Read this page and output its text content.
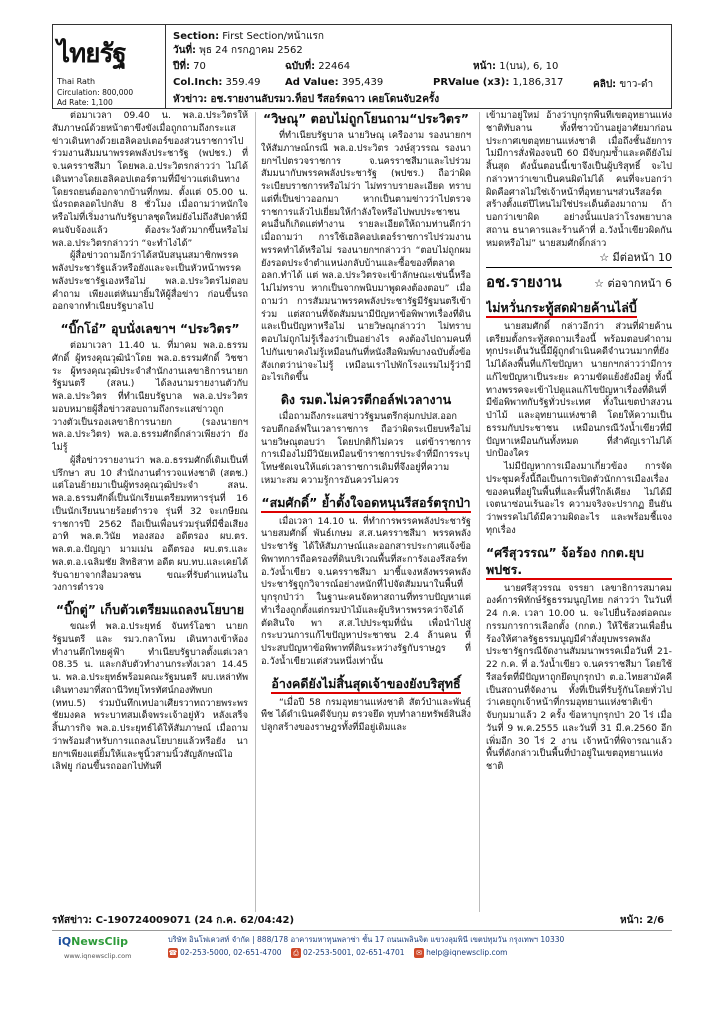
ไทยรัฐ
Thai Rath
Circulation: 800,000
Ad Rate: 1,100
Section: First Section/หน้าแรก
วันที่: พุธ 24 กรกฎาคม 2562
ปีที่: 70	ฉบับที่: 22464	หน้า: 1(บน), 6, 10
Col.Inch: 359.49 Ad Value: 395,439	PRValue (x3): 1,186,317	คลิป: ขาว-ดำ
หัวข่าว: อช.รายงานลับรมว.ท็อป รีสอร์ตฉาว เคยโดนจับ2ครั้ง

ต่อมาเวลา 09.40 น. พล.อ.ประวิตรให้สัมภาษณ์ด้วยหน้าตาขึงขังเมื่อถูกถามถึงกระแสข่าวเดินทางด้วยเฮลิคอปเตอร์ของส่วนราชการไปร่วมงานสัมมนาพรรคพลังประชารัฐ (พปชร.) ที่ จ.นครราชสีมา โดยพล.อ.ประวิตรกล่าวว่า ไม่ได้เดินทางโดยเฮลิคอปเตอร์ตามที่มีข่าวแต่เดินทางโดยรถยนต์ออกจากบ้านที่กทม. ตั้งแต่ 05.00 น. นั่งรถตลอดไปกลับ 8 ชั่วโมง เมื่อถามว่าหนักใจหรือไม่ที่เริ่มงานกับรัฐบาลชุดใหม่ยังไม่ถึงสัปดาห์มีคนจับจ้องแล้ว ต้องระวังตัวมากขึ้นหรือไม่ พล.อ.ประวิตรกล่าวว่า “จะทำไงได้”

ผู้สื่อข่าวถามอีกว่าได้สนับสนุนสมาชิกพรรคพลังประชารัฐแล้วหรือยังและจะเป็นหัวหน้าพรรคพลังประชารัฐเองหรือไม่ พล.อ.ประวิตรไม่ตอบคำถาม เพียงแต่หันมายิ้มให้ผู้สื่อข่าว ก่อนขึ้นรถออกจากทำเนียบรัฐบาลไป

“บิ๊กโอ๋” อุบนั่งเลขาฯ “ประวิตร”

ต่อมาเวลา 11.40 น. ที่มาคม พล.อ.ธรรมศักดิ์ ผู้ทรงคุณวุฒินำโดย พล.อ.ธรรมศักดิ์ วิชชาระ ผู้ทรงคุณวุฒิประจำสำนักงานเลขาธิการนายกรัฐมนตรี (สลน.) ได้ลงนามรายงานตัวกับพล.อ.ประวิตร ที่ทำเนียบรัฐบาล พล.อ.ประวิตรมอบหมายผู้สื่อข่าวสอบถามถึงกระแสข่าวถูกวางตัวเป็นรองเลขาธิการนายก (รองนายกฯ พล.อ.ประวิตร) พล.อ.ธรรมศักดิ์กล่าวเพียงว่า ยังไม่รู้

ผู้สื่อข่าวรายงานว่า พล.อ.ธรรมศักดิ์เดิมเป็นที่ปรึกษา สบ 10 สำนักงานตำรวจแห่งชาติ (สตช.) แต่โอนย้ายมาเป็นผู้ทรงคุณวุฒิประจำ สลน. พล.อ.ธรรมศักดิ์เป็นนักเรียนเตรียมทหารรุ่นที่ 16 เป็นนักเรียนนายร้อยตำรวจ รุ่นที่ 32 จะเกษียณราชการปี 2562 ถือเป็นเพื่อนร่วมรุ่นที่มีชื่อเสียงอาทิ พล.ต.วินัย ทองสอง อดีตรอง ผบ.ตร. พล.ต.อ.ปัญญา มามเม่น อดีตรอง ผบ.ตร.และ พล.ต.อ.เฉลิมชัย สิทธิสาท อดีต ผบ.ทบ.และเคยได้รับฉายาจากสื่อมวลชน ขณะที่รับตำแหน่งในวงการตำรวจ

“บิ๊กตู่” เก็บตัวเตรียมแถลงนโยบาย

ขณะที่ พล.อ.ประยุทธ์ จันทร์โอชา นายกรัฐมนตรี และ รมว.กลาโหม เดินทางเข้าห้องทำงานตึกไทยคู่ฟ้า ทำเนียบรัฐบาลตั้งแต่เวลา 08.35 น. และกลับตัวทำงานกระทั่งเวลา 14.45 น. พล.อ.ประยุทธ์พร้อมคณะรัฐมนตรี ผบ.เหล่าทัพเดินทางมาที่สถานีวิทยุโทรทัศน์กองทัพบก (ททบ.5) ร่วมบันทึกเทปอาเศียรวาทถวายพระพรชัยมงคล พระบาทสมเด็จพระเจ้าอยู่หัว หลังเสร็จสิ้นภารกิจ พล.อ.ประยุทธ์ได้ให้สัมภาษณ์ เมื่อถามว่าพร้อมสำหรับการแถลงนโยบายแล้วหรือยัง นายกฯเพียงแต่ยิ้มให้และชูนิ้วสามนิ้วสัญลักษณ์ไอเลิฟยู ก่อนขึ้นรถออกไปทันที

“วิษณุ” ตอบไม่ถูกโยนถาม“ประวิตร”

ที่ทำเนียบรัฐบาล นายวิษณุ เครืองาม รองนายกฯ ให้สัมภาษณ์กรณี พล.อ.ประวิตร วงษ์สุวรรณ รองนายกฯไปตรวจราชการ จ.นครราชสีมาและไปร่วมสัมมนากับพรรคพลังประชารัฐ (พปชร.) ถือว่าผิดระเบียบราชการหรือไม่ว่า ไม่ทราบรายละเอียด ทราบแต่ที่เป็นข่าวออกมา หากเป็นตามข่าวว่าไปตรวจราชการแล้วไปเยี่ยมให้กำลังใจหรือไปพบประชาชนคนอื่นก็เกิดแต่ทำงาน รายละเอียดให้ถามท่านดีกว่า เมื่อถามว่า การใช้เฮลิคอปเตอร์ราชการไปร่วมงานพรรคทำได้หรือไม่ รองนายกฯกล่าวว่า “ตอบไม่ถูกผมยังรอดประจำตำแหน่งกลับบ้านและซื้อของที่ตลาด อลก.ทำได้ แต่ พล.อ.ประวิตรจะเข้าลักษณะเช่นนี้หรือไม่ไม่ทราบ หากเป็นจากพนิบมาพูดคงต้องตอบ” เมื่อถามว่า การสัมมนาพรรคพลังประชารัฐมีรัฐมนตรีเข้าร่วม แต่สถานที่จัดสัมมนามีปัญหาข้อพิพาทเรื่องที่ดินและเป็นปัญหาหรือไม่ นายวิษณุกล่าวว่า ไม่ทราบ ตอบไม่ถูกไม่รู้เรื่องว่าเป็นอย่างไร คงต้องไปถามคนที่ไปกันเขาคงไม่รู้เหมือนกันที่หนังสือพิมพ์บางฉบับตั้งข้อสังเกตว่าน่าจะไม่รู้ เหมือนเราไปพักโรงแรมไม่รู้ว่ามีอะไรเกิดขึ้น

ดิง รมต.ไม่ควรตีกอล์ฟเวลางาน

เมื่อถามถึงกระแสข่าวรัฐมนตรีกลุ่มกปปส.ออกรอบตีกอล์ฟในเวลาราชการ ถือว่าผิดระเบียบหรือไม่ นายวิษณุตอบว่า โดยปกติก็ไม่ควร แต่ข้าราชการการเมืองไม่มีวินัยเหมือนข้าราชการประจำที่มีการระบุโทษชัดเจนให้แต่เวลาราชการเดิมที่จึงอยู่ที่ความเหมาะสม ความรู้การอันควรไม่ควร

“สมศักดิ์” ย้ำตั้งใจอดหนุนรีสอร์ตรุกป่า

เมื่อเวลา 14.10 น. ที่ทำการพรรคพลังประชารัฐ นายสมศักดิ์ พันธ์เกษม ส.ส.นครราชสีมา พรรคพลังประชารัฐ ได้ให้สัมภาษณ์และออกสารประกาศแจ้งข้อพิพาทการถือครองที่ดินบริเวณพื้นที่สะการังเองรีสอร์ท อ.วังน้ำเขียว จ.นครราชสีมา มาชี้แจงหลังพรรคพลังประชารัฐถูกวิจารณ์อย่างหนักที่ไปจัดสัมมนาในพื้นที่บุกรุกป่าว่า ในฐานะคนจัดหาสถานที่ทราบปัญหาแต่ทำเรื่องถูกตั้งแต่กรมป่าไม้และผู้บริหารพรรคว่าจึงได้ตัดสินใจ พา ส.ส.ไปประชุมที่นั่น เพื่อนำไปสู่กระบวนการแก้ไขปัญหาประชาชน 2.4 ล้านคน ที่ประสบปัญหาข้อพิพาทที่ดินระหว่างรัฐกับราษฎร ที่ อ.วังน้ำเขียวแต่ส่วนหนึ่งเท่านั้น

อ้างคดียังไม่สิ้นสุดเจ้าของยังบริสุทธิ์

“เมื่อปี 58 กรมอุทยานแห่งชาติ สัตว์ป่าและพันธุ์พืช ได้ดำเนินคดีจับกุม ตรวจยึด ทุบทำลายทรัพย์สินสิ่งปลูกสร้างของราษฎรทั้งที่มีอยู่เดิมและ

เข้ามาอยู่ใหม่ อ้างว่าบุกรุกพื้นที่เขตอุทยานแห่งชาติทับลาน ทั้งที่ชาวบ้านอยู่อาศัยมาก่อนประกาศเขตอุทยานแห่งชาติ เมื่อถึงชั้นอัยการไม่มีการสั่งฟ้องจนปี 60 มีจับกุมซ้ำและคดียังไม่สิ้นสุด ดังนั้นตอนนี้เขาจึงเป็นผู้บริสุทธิ์ จะไปกล่าวหาว่าเขาเป็นคนผิดไม่ได้ คนที่จะบอกว่าผิดคือศาลไม่ใช่เจ้าหน้าที่อุทยานฯส่วนรีสอร์ตสร้างตั้งแต่ปีไหนไม่ใช่ประเด็นต้องมาถาม ถ้าบอกว่าเขาผิด อย่างนั้นแปลว่าโรงพยาบาลสถาน ธนาคารและร้านค้าที่ อ.วังน้ำเขียวผิดกันหมดหรือไม่” นายสมศักดิ์กล่าว

☆ มีต่อหน้า 10
อช.รายงาน	☆ ต่อจากหน้า 6
ไม่หวั่นกระทู้สดฝ่ายค้านไล่บี้

นายสมศักดิ์ กล่าวอีกว่า ส่วนที่ฝ่ายค้านเตรียมตั้งกระทู้สดถามเรื่องนี้ พร้อมตอบคำถามทุกประเด็นวันนี้มีผู้ถูกดำเนินคดีจำนวนมากที่ยังไม่ได้ลงพื้นที่แก้ไขปัญหา นายกฯกล่าวว่ามีการแก้ไขปัญหาเป็นระยะ ความขัดแย้งยังมีอยู่ ทั้งนี้ทางพรรคจะเข้าไปดูแลแก้ไขปัญหาเรื่องที่ดินที่มีข้อพิพาทกับรัฐทั่วประเทศ ทั้งในเขตป่าสงวน ป่าไม้ และอุทยานแห่งชาติ โดยให้ความเป็นธรรมกับประชาชน เหมือนกรณีวังน้ำเขียวที่มีปัญหาเหมือนกันทั้งหมด ที่สำคัญเราไม่ได้ปกป้องใคร

ไม่มีปัญหาการเมืองมาเกี่ยวข้อง การจัดประชุมครั้งนี้ถือเป็นการเปิดตัวนักการเมืองเรื่องของคนที่อยู่ในพื้นที่และพื้นที่ใกล้เคียง ไม่ได้มีเจตนาซ่อนเร้นอะไร ความจริงจะปรากฏ ยืนยันว่าพรรคไม่ได้มีความผิดอะไร และพร้อมชี้แจงทุกเรื่อง

“ศรีสุวรรณ” จ้อร้อง กกต.ยุบ พปชร.

นายศรีสุวรรณ จรรยา เลขาธิการสมาคมองค์การพิทักษ์รัฐธรรมนูญไทย กล่าวว่า ในวันที่ 24 ก.ค. เวลา 10.00 น. จะไปยื่นร้องต่อคณะกรรมการการเลือกตั้ง (กกต.) ให้ใช้สวนเพื่อยื่นร้องให้ศาลรัฐธรรมนูญมีคำสั่งยุบพรรคพลังประชารัฐกรณีจัดงานสัมมนาพรรคเมื่อวันที่ 21-22 ก.ค. ที่ อ.วังน้ำเขียว จ.นครราชสีมา โดยใช้รีสอร์ตที่มีปัญหาถูกยึดบุกรุกป่า ต.อ.ไทยสามัคคี เป็นสถานที่จัดงาน ทั้งที่เป็นที่รับรู้กันโดยทั่วไปว่าเคยถูกเจ้าหน้าที่กรมอุทยานแห่งชาติเข้าจับกุมมาแล้ว 2 ครั้ง ข้อหาบุกรุกป่า 20 ไร่ เมื่อวันที่ 9 พ.ค.2555 และวันที่ 31 มี.ค.2560 อีกเพิ่มอีก 30 ไร่ 2 งาน เจ้าหน้าที่พิจารณาแล้วพื้นที่ดังกล่าวเป็นพื้นที่ป่าอยู่ในเขตอุทยานแห่งชาติ

รหัสข่าว: C-190724009071 (24 ก.ค. 62/04:42)	หน้า: 2/6
iQNewsClip
www.iqnewsclip.com
บริษัท อินโฟเควสท์ จำกัด | 888/178 อาคารมหาทุนพลาซ่า ชั้น 17 ถนนเพลินจิต แขวงลุมพินี เขตปทุมวัน กรุงเทพฯ 10330
☎ 02-253-5000, 02-651-4700 ⎙ 02-253-5001, 02-651-4701 ✉ help@iqnewsclip.com
